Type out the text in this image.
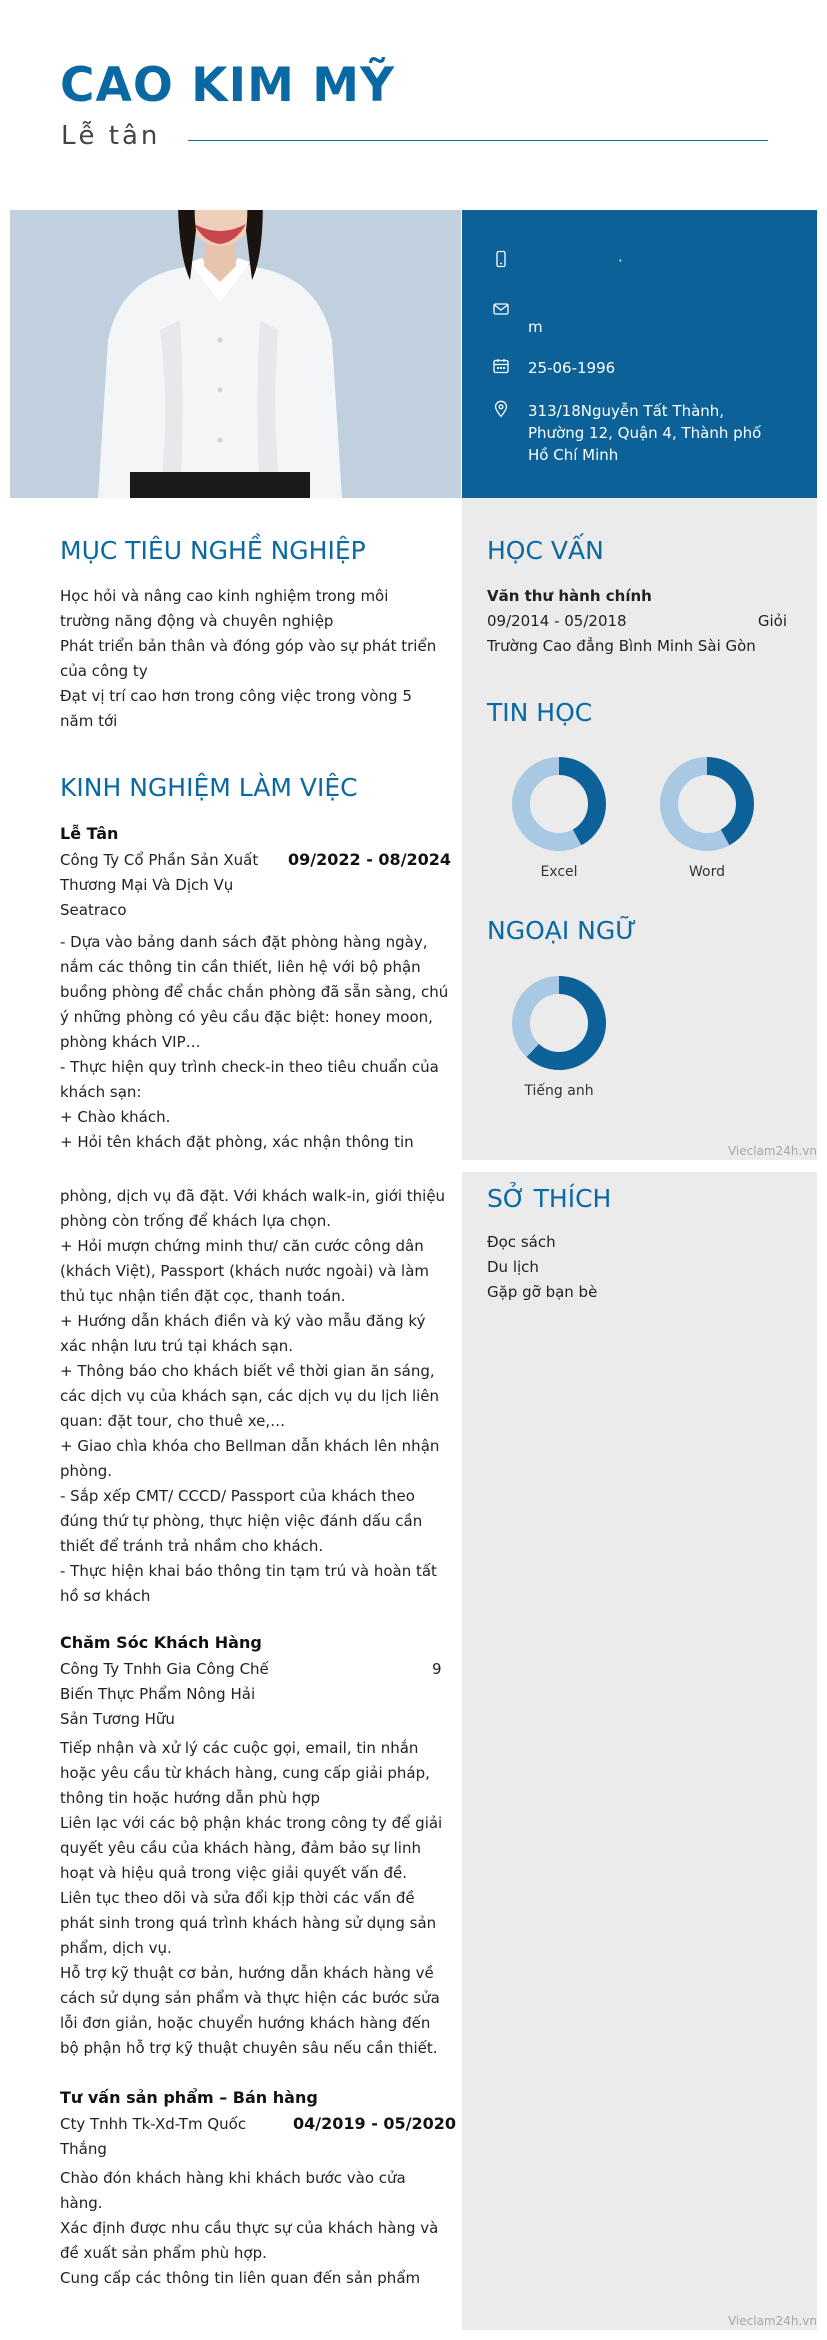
CAO KIM MỸ
Lễ tân
·
m
25-06-1996
313/18Nguyễn Tất Thành, Phường 12, Quận 4, Thành phố Hồ Chí Minh
MỤC TIÊU NGHỀ NGHIỆP

Học hỏi và nâng cao kinh nghiệm trong môi trường năng động và chuyên nghiệp

Phát triển bản thân và đóng góp vào sự phát triển của công ty

Đạt vị trí cao hơn trong công việc trong vòng 5 năm tới

KINH NGHIỆM LÀM VIỆC
Lễ Tân
Công Ty Cổ Phần Sản Xuất Thương Mại Và Dịch Vụ Seatraco
09/2022 - 08/2024

- Dựa vào bảng danh sách đặt phòng hàng ngày, nắm các thông tin cần thiết, liên hệ với bộ phận buồng phòng để chắc chắn phòng đã sẵn sàng, chú ý những phòng có yêu cầu đặc biệt: honey moon, phòng khách VIP…

- Thực hiện quy trình check-in theo tiêu chuẩn của khách sạn:

+ Chào khách.

+ Hỏi tên khách đặt phòng, xác nhận thông tin

HỌC VẤN
Văn thư hành chính
09/2014 - 05/2018	Giỏi
Trường Cao đẳng Bình Minh Sài Gòn
TIN HỌC
Excel	Word
NGOẠI NGỮ
Tiếng anh
Vieclam24h.vn

phòng, dịch vụ đã đặt. Với khách walk-in, giới thiệu phòng còn trống để khách lựa chọn.

+ Hỏi mượn chứng minh thư/ căn cước công dân (khách Việt), Passport (khách nước ngoài) và làm thủ tục nhận tiền đặt cọc, thanh toán.

+ Hướng dẫn khách điền và ký vào mẫu đăng ký xác nhận lưu trú tại khách sạn.

+ Thông báo cho khách biết về thời gian ăn sáng, các dịch vụ của khách sạn, các dịch vụ du lịch liên quan: đặt tour, cho thuê xe,…

+ Giao chìa khóa cho Bellman dẫn khách lên nhận phòng.

- Sắp xếp CMT/ CCCD/ Passport của khách theo đúng thứ tự phòng, thực hiện việc đánh dấu cần thiết để tránh trả nhầm cho khách.

- Thực hiện khai báo thông tin tạm trú và hoàn tất hồ sơ khách

Chăm Sóc Khách Hàng
Công Ty Tnhh Gia Công Chế Biến Thực Phẩm Nông Hải Sản Tương Hữu
9

Tiếp nhận và xử lý các cuộc gọi, email, tin nhắn hoặc yêu cầu từ khách hàng, cung cấp giải pháp, thông tin hoặc hướng dẫn phù hợp

Liên lạc với các bộ phận khác trong công ty để giải quyết yêu cầu của khách hàng, đảm bảo sự linh hoạt và hiệu quả trong việc giải quyết vấn đề.

Liên tục theo dõi và sửa đổi kịp thời các vấn đề phát sinh trong quá trình khách hàng sử dụng sản phẩm, dịch vụ.

Hỗ trợ kỹ thuật cơ bản, hướng dẫn khách hàng về cách sử dụng sản phẩm và thực hiện các bước sửa lỗi đơn giản, hoặc chuyển hướng khách hàng đến bộ phận hỗ trợ kỹ thuật chuyên sâu nếu cần thiết.

Tư vấn sản phẩm – Bán hàng
Cty Tnhh Tk-Xd-Tm Quốc Thắng
04/2019 - 05/2020

Chào đón khách hàng khi khách bước vào cửa hàng.

Xác định được nhu cầu thực sự của khách hàng và đề xuất sản phẩm phù hợp.

Cung cấp các thông tin liên quan đến sản phẩm

SỞ THÍCH

Đọc sách

Du lịch

Gặp gỡ bạn bè

Vieclam24h.vn
